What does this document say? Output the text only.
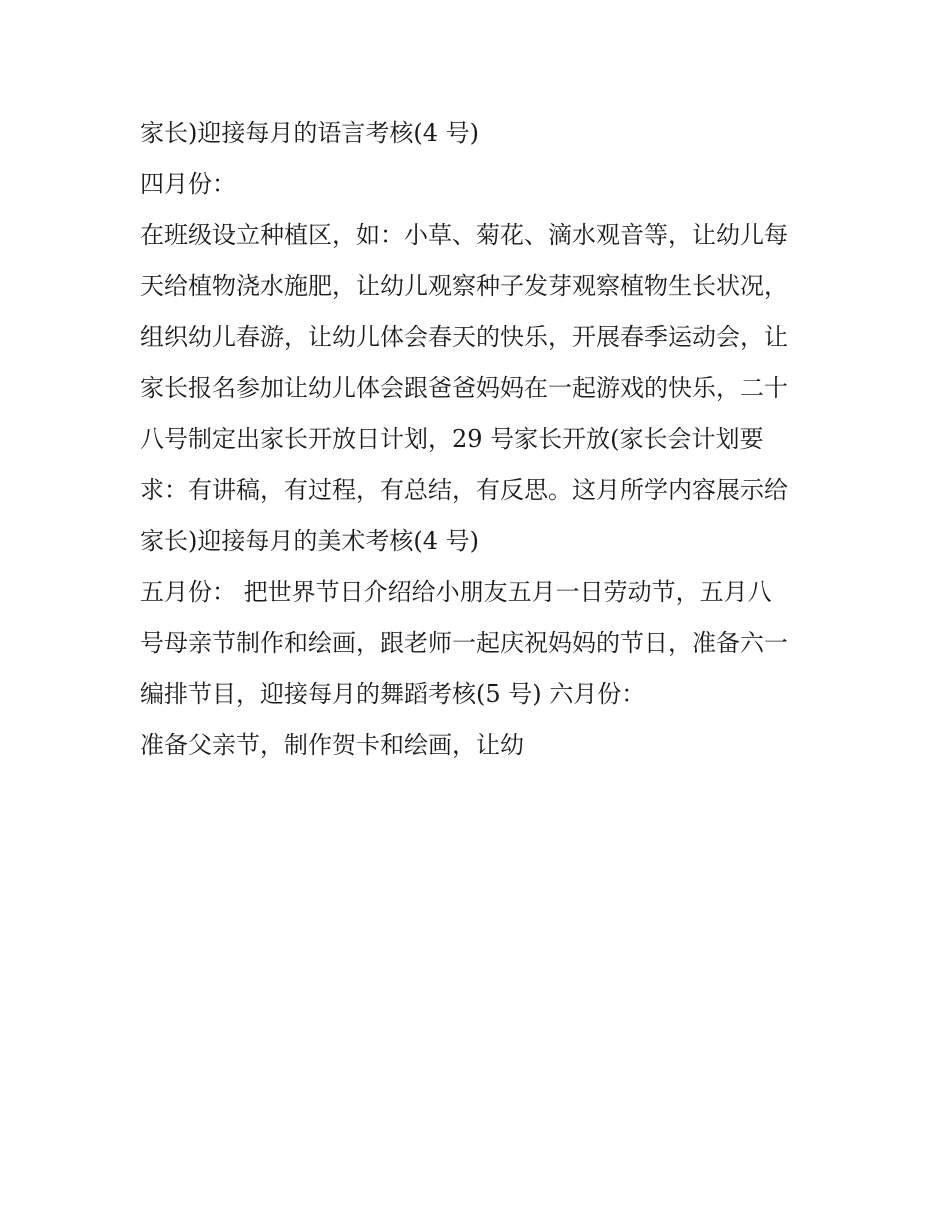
家长)迎接每月的语言考核(4 号)
四月份：
在班级设立种植区，如：小草、菊花、滴水观音等，让幼儿每
天给植物浇水施肥，让幼儿观察种子发芽观察植物生长状况，
组织幼儿春游，让幼儿体会春天的快乐，开展春季运动会，让
家长报名参加让幼儿体会跟爸爸妈妈在一起游戏的快乐，二十
八号制定出家长开放日计划，29 号家长开放(家长会计划要
求：有讲稿，有过程，有总结，有反思。这月所学内容展示给
家长)迎接每月的美术考核(4 号)
五月份： 把世界节日介绍给小朋友五月一日劳动节，五月八
号母亲节制作和绘画，跟老师一起庆祝妈妈的节日，准备六一
编排节目，迎接每月的舞蹈考核(5 号) 六月份：
准备父亲节，制作贺卡和绘画，让幼
